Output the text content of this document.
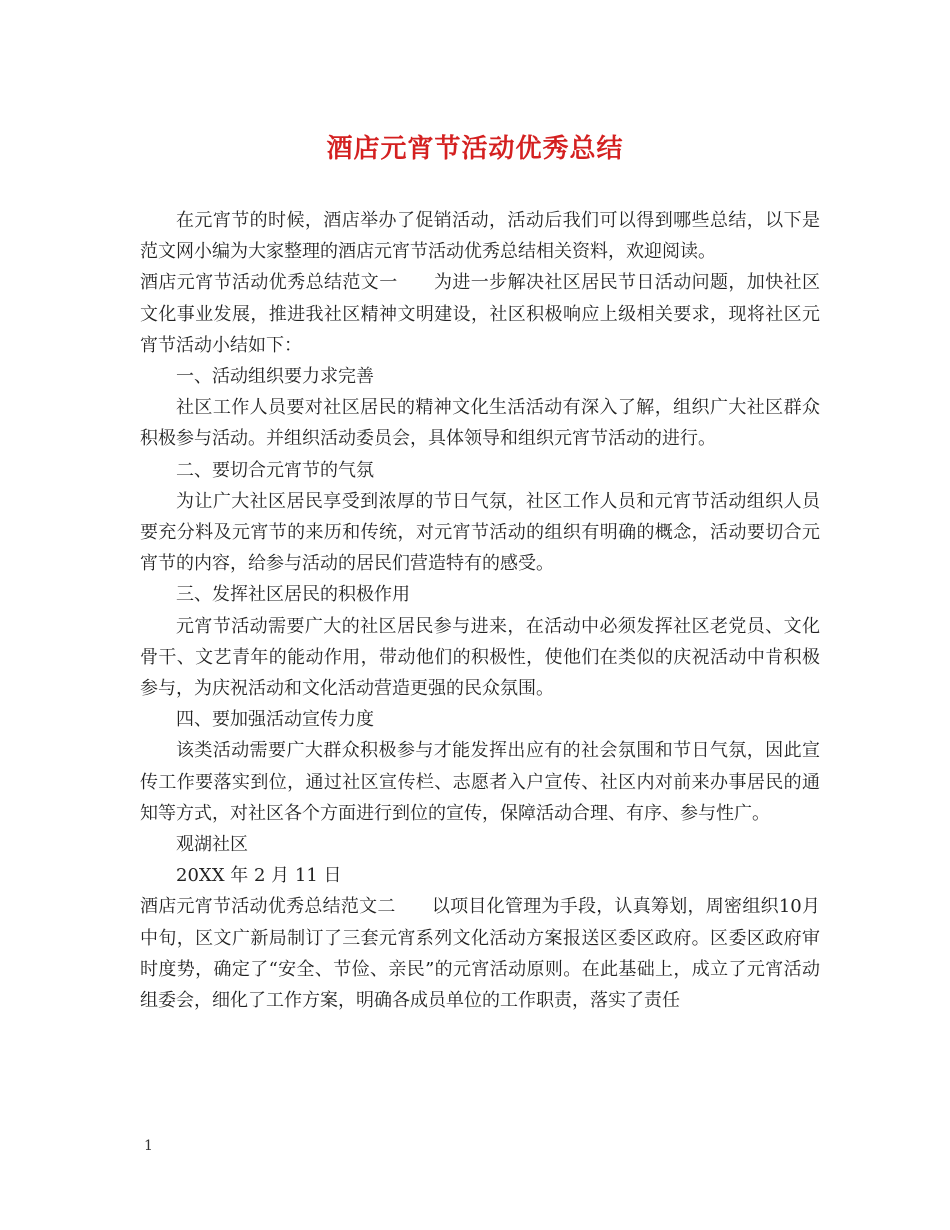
酒店元宵节活动优秀总结

在元宵节的时候，酒店举办了促销活动，活动后我们可以得到哪些总结，以下是范文网小编为大家整理的酒店元宵节活动优秀总结相关资料，欢迎阅读。

酒店元宵节活动优秀总结范文一 为进一步解决社区居民节日活动问题，加快社区文化事业发展，推进我社区精神文明建设，社区积极响应上级相关要求，现将社区元宵节活动小结如下：

一、活动组织要力求完善

社区工作人员要对社区居民的精神文化生活活动有深入了解，组织广大社区群众积极参与活动。并组织活动委员会，具体领导和组织元宵节活动的进行。

二、要切合元宵节的气氛

为让广大社区居民享受到浓厚的节日气氛，社区工作人员和元宵节活动组织人员要充分料及元宵节的来历和传统，对元宵节活动的组织有明确的概念，活动要切合元宵节的内容，给参与活动的居民们营造特有的感受。

三、发挥社区居民的积极作用

元宵节活动需要广大的社区居民参与进来，在活动中必须发挥社区老党员、文化骨干、文艺青年的能动作用，带动他们的积极性，使他们在类似的庆祝活动中肯积极参与，为庆祝活动和文化活动营造更强的民众氛围。

四、要加强活动宣传力度

该类活动需要广大群众积极参与才能发挥出应有的社会氛围和节日气氛，因此宣传工作要落实到位，通过社区宣传栏、志愿者入户宣传、社区内对前来办事居民的通知等方式，对社区各个方面进行到位的宣传，保障活动合理、有序、参与性广。

观湖社区

20XX 年 2 月 11 日

酒店元宵节活动优秀总结范文二 以项目化管理为手段，认真筹划，周密组织10月中旬，区文广新局制订了三套元宵系列文化活动方案报送区委区政府。区委区政府审时度势，确定了“安全、节俭、亲民”的元宵活动原则。在此基础上，成立了元宵活动组委会，细化了工作方案，明确各成员单位的工作职责，落实了责任

1
